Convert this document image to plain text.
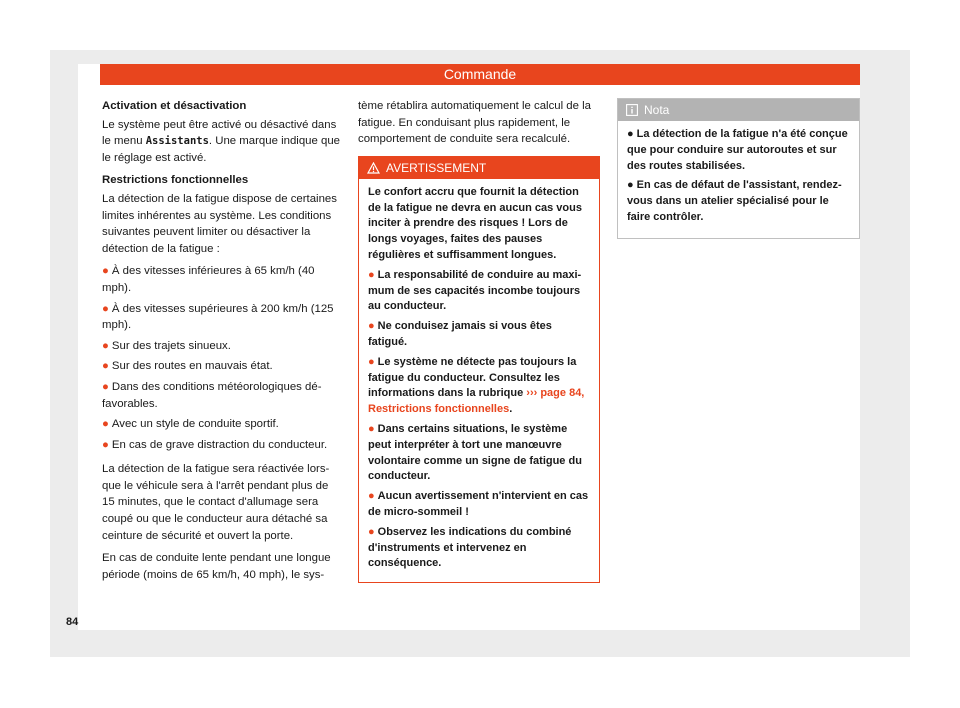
Commande
Activation et désactivation

Le système peut être activé ou désactivé dans le menu Assistants. Une marque indique que le réglage est activé.

Restrictions fonctionnelles

La détection de la fatigue dispose de certaines limites inhérentes au système. Les conditions suivantes peuvent limiter ou désactiver la détection de la fatigue :

● À des vitesses inférieures à 65 km/h (40 mph).
● À des vitesses supérieures à 200 km/h (125 mph).
● Sur des trajets sinueux.
● Sur des routes en mauvais état.
● Dans des conditions météorologiques défavorables.
● Avec un style de conduite sportif.
● En cas de grave distraction du conducteur.

La détection de la fatigue sera réactivée lorsque le véhicule sera à l'arrêt pendant plus de 15 minutes, que le contact d'allumage sera coupé ou que le conducteur aura détaché sa ceinture de sécurité et ouvert la porte.

En cas de conduite lente pendant une longue période (moins de 65 km/h, 40 mph), le sys-

tème rétablira automatiquement le calcul de la fatigue. En conduisant plus rapidement, le comportement de conduite sera recalculé.

AVERTISSEMENT

Le confort accru que fournit la détection de la fatigue ne devra en aucun cas vous inciter à prendre des risques ! Lors de longs voyages, faites des pauses régulières et suffisamment longues.

● La responsabilité de conduire au maximum de ses capacités incombe toujours au conducteur.
● Ne conduisez jamais si vous êtes fatigué.
● Le système ne détecte pas toujours la fatigue du conducteur. Consultez les informations dans la rubrique ››› page 84, Restrictions fonctionnelles.
● Dans certains situations, le système peut interpréter à tort une manœuvre volontaire comme un signe de fatigue du conducteur.
● Aucun avertissement n'intervient en cas de micro-sommeil !
● Observez les indications du combiné d'instruments et intervenez en conséquence.
Nota
● La détection de la fatigue n'a été conçue que pour conduire sur autoroutes et sur des routes stabilisées.
● En cas de défaut de l'assistant, rendez-vous dans un atelier spécialisé pour le faire contrôler.
84
